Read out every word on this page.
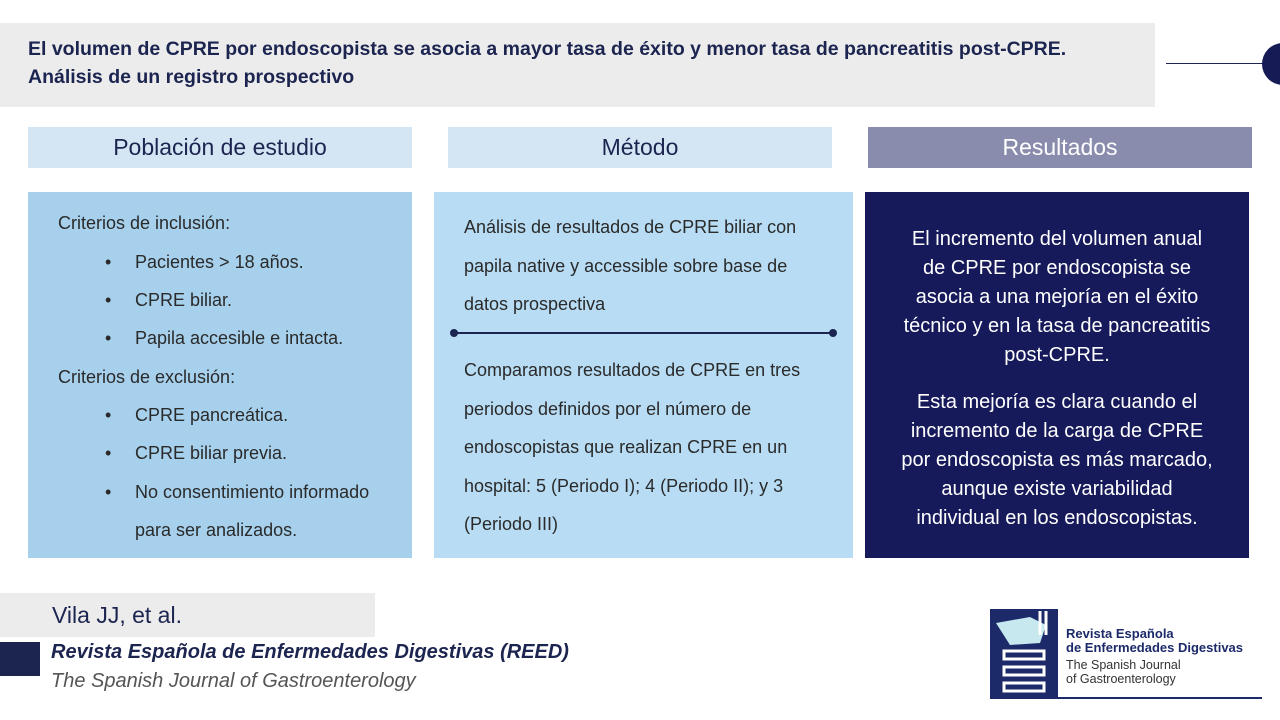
El volumen de CPRE por endoscopista se asocia a mayor tasa de éxito y menor tasa de pancreatitis post-CPRE.
Análisis de un registro prospectivo
Población de estudio	Método	Resultados
Criterios de inclusión:
• Pacientes > 18 años.
• CPRE biliar.
• Papila accesible e intacta.
Criterios de exclusión:
• CPRE pancreática.
• CPRE biliar previa.
• No consentimiento informado
para ser analizados.
Análisis de resultados de CPRE biliar con
papila native y accessible sobre base de
datos prospectiva
Comparamos resultados de CPRE en tres
periodos definidos por el número de
endoscopistas que realizan CPRE en un
hospital: 5 (Periodo I); 4 (Periodo II); y 3
(Periodo III)
El incremento del volumen anual
de CPRE por endoscopista se
asocia a una mejoría en el éxito
técnico y en la tasa de pancreatitis
post-CPRE.
Esta mejoría es clara cuando el
incremento de la carga de CPRE
por endoscopista es más marcado,
aunque existe variabilidad
individual en los endoscopistas.
Vila JJ, et al.
Revista Española de Enfermedades Digestivas (REED)
The Spanish Journal of Gastroenterology
Revista Española
de Enfermedades Digestivas
The Spanish Journal
of Gastroenterology
